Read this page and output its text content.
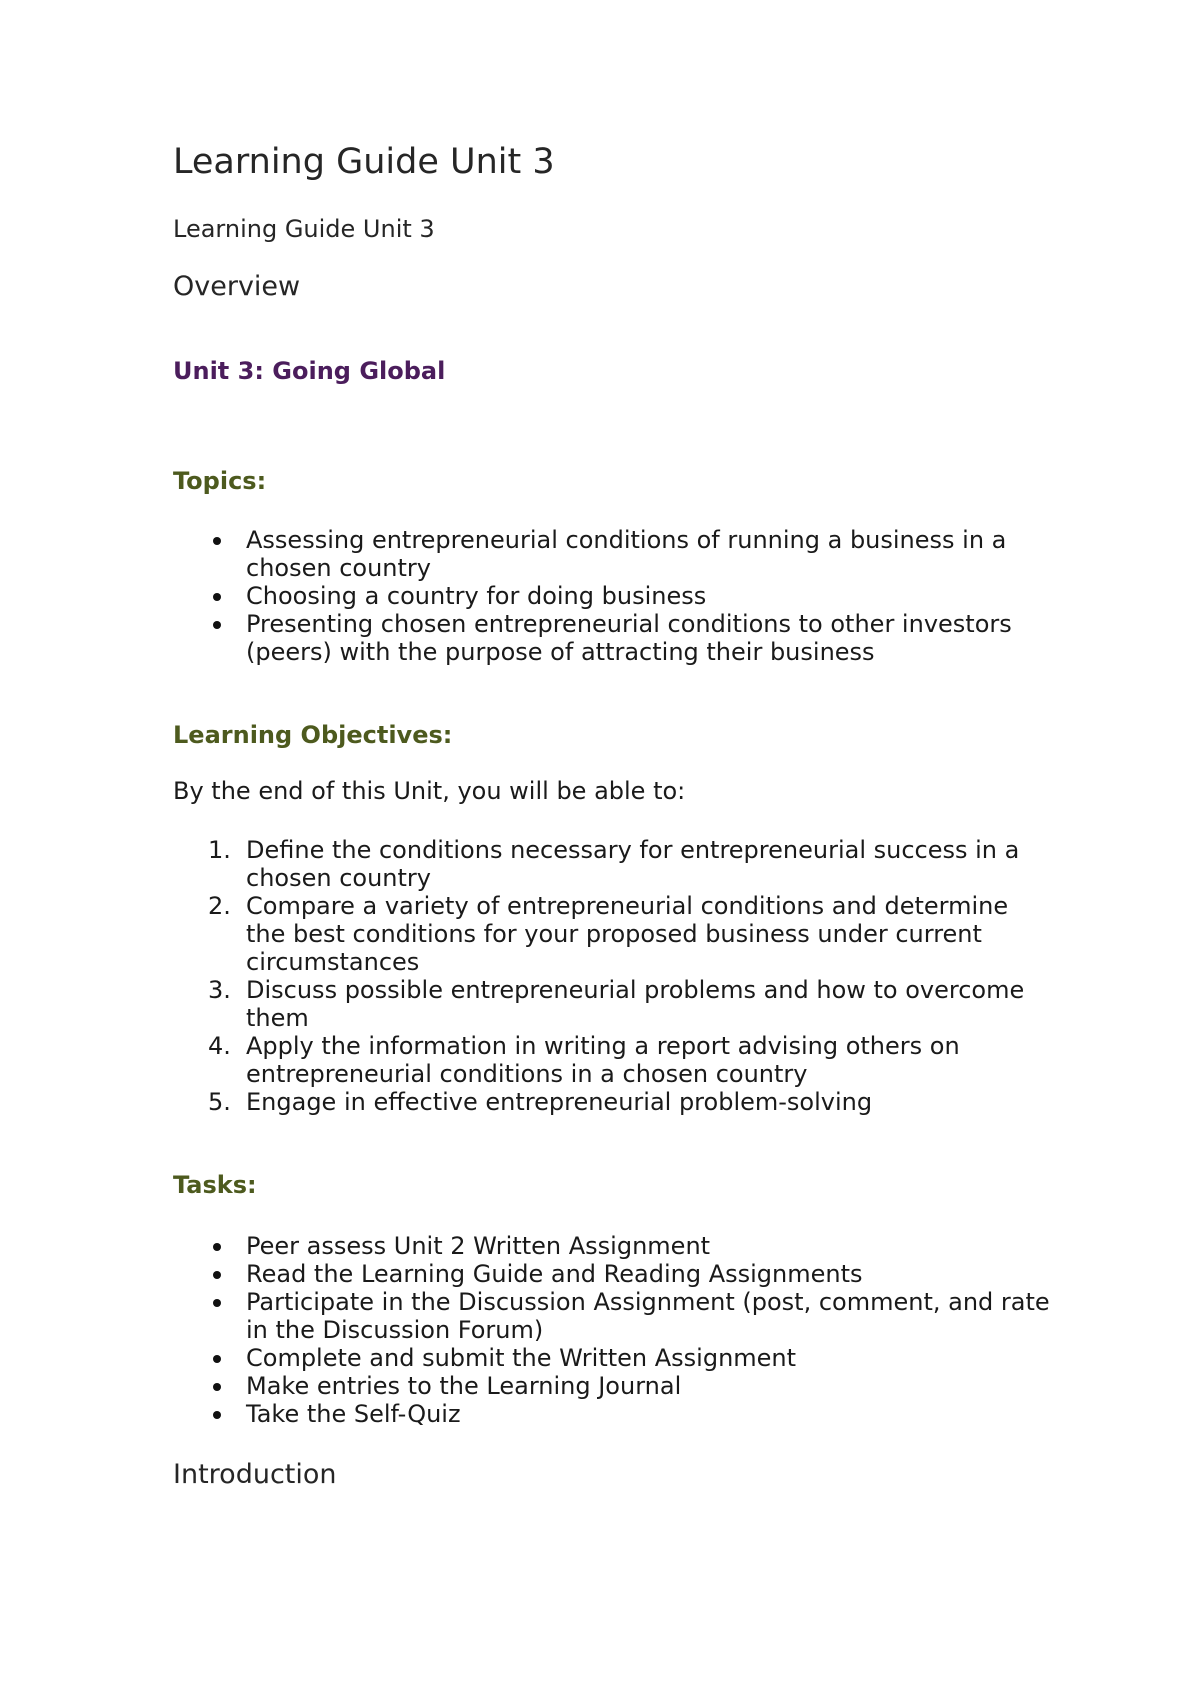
Learning Guide Unit 3

Learning Guide Unit 3

Overview
Unit 3: Going Global
Topics:
Assessing entrepreneurial conditions of running a business in a chosen country
Choosing a country for doing business
Presenting chosen entrepreneurial conditions to other investors (peers) with the purpose of attracting their business
Learning Objectives:

By the end of this Unit, you will be able to:

1. Define the conditions necessary for entrepreneurial success in a chosen country
2. Compare a variety of entrepreneurial conditions and determine the best conditions for your proposed business under current circumstances
3. Discuss possible entrepreneurial problems and how to overcome them
4. Apply the information in writing a report advising others on entrepreneurial conditions in a chosen country
5. Engage in effective entrepreneurial problem-solving
Tasks:
Peer assess Unit 2 Written Assignment
Read the Learning Guide and Reading Assignments
Participate in the Discussion Assignment (post, comment, and rate in the Discussion Forum)
Complete and submit the Written Assignment
Make entries to the Learning Journal
Take the Self-Quiz
Introduction
